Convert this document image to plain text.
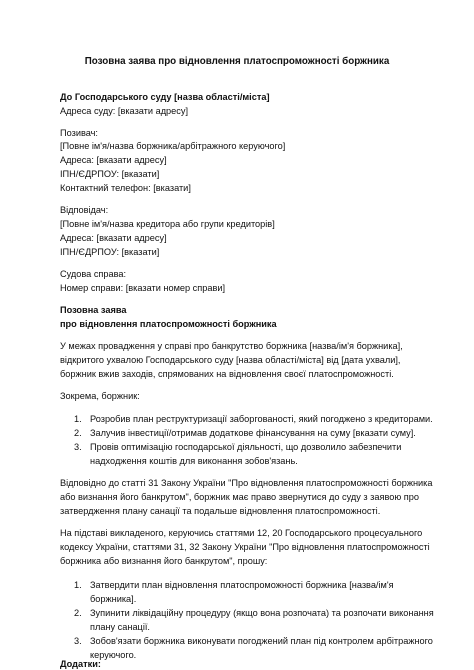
Позовна заява про відновлення платоспроможності боржника
До Господарського суду [назва області/міста]
Адреса суду: [вказати адресу]
Позивач:
[Повне ім'я/назва боржника/арбітражного керуючого]
Адреса: [вказати адресу]
ІПН/ЄДРПОУ: [вказати]
Контактний телефон: [вказати]
Відповідач:
[Повне ім'я/назва кредитора або групи кредиторів]
Адреса: [вказати адресу]
ІПН/ЄДРПОУ: [вказати]
Судова справа:
Номер справи: [вказати номер справи]
Позовна заява
про відновлення платоспроможності боржника
У межах провадження у справі про банкрутство боржника [назва/ім'я боржника],
відкритого ухвалою Господарського суду [назва області/міста] від [дата ухвали],
боржник вжив заходів, спрямованих на відновлення своєї платоспроможності.
Зокрема, боржник:
1. Розробив план реструктуризації заборгованості, який погоджено з кредиторами.
2. Залучив інвестиції/отримав додаткове фінансування на суму [вказати суму].
3. Провів оптимізацію господарської діяльності, що дозволило забезпечити
надходження коштів для виконання зобов'язань.
Відповідно до статті 31 Закону України "Про відновлення платоспроможності боржника
або визнання його банкрутом", боржник має право звернутися до суду з заявою про
затвердження плану санації та подальше відновлення платоспроможності.
На підставі викладеного, керуючись статтями 12, 20 Господарського процесуального
кодексу України, статтями 31, 32 Закону України "Про відновлення платоспроможності
боржника або визнання його банкрутом", прошу:
1. Затвердити план відновлення платоспроможності боржника [назва/ім'я
боржника].
2. Зупинити ліквідаційну процедуру (якщо вона розпочата) та розпочати виконання
плану санації.
3. Зобов'язати боржника виконувати погоджений план під контролем арбітражного
керуючого.
Додатки:
